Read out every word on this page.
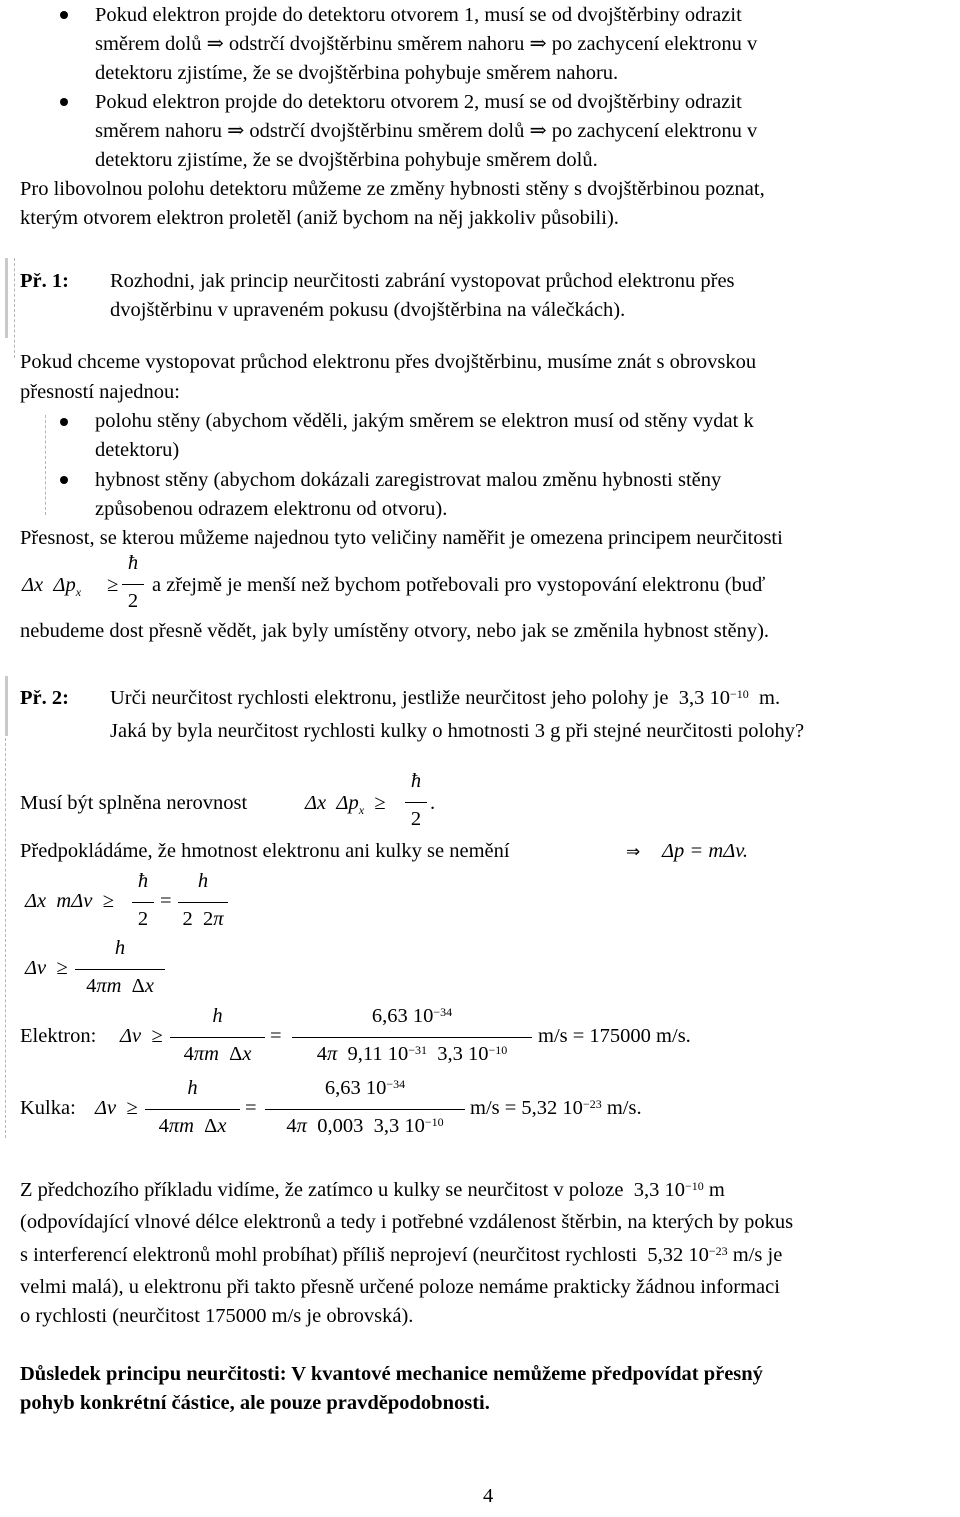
Pokud elektron projde do detektoru otvorem 1, musí se od dvojštěrbiny odrazit
směrem dolů ⇒ odstrčí dvojštěrbinu směrem nahoru ⇒ po zachycení elektronu v
detektoru zjistíme, že se dvojštěrbina pohybuje směrem nahoru.
Pokud elektron projde do detektoru otvorem 2, musí se od dvojštěrbiny odrazit
směrem nahoru ⇒ odstrčí dvojštěrbinu směrem dolů ⇒ po zachycení elektronu v
detektoru zjistíme, že se dvojštěrbina pohybuje směrem dolů.
Pro libovolnou polohu detektoru můžeme ze změny hybnosti stěny s dvojštěrbinou poznat,
kterým otvorem elektron proletěl (aniž bychom na něj jakkoliv působili).
Př. 1: Rozhodni, jak princip neurčitosti zabrání vystopovat průchod elektronu přes
dvojštěrbinu v upraveném pokusu (dvojštěrbina na válečkách).
Pokud chceme vystopovat průchod elektronu přes dvojštěrbinu, musíme znát s obrovskou
přesností najednou:
polohu stěny (abychom věděli, jakým směrem se elektron musí od stěny vydat k
detektoru)
hybnost stěny (abychom dokázali zaregistrovat malou změnu hybnosti stěny
způsobenou odrazem elektronu od otvoru).
Přesnost, se kterou můžeme najednou tyto veličiny naměřit je omezena principem neurčitosti
Δx  $\Delta p_x$ ≥
ħ
2
a zřejmě je menší než bychom potřebovali pro vystopování elektronu (buď
nebudeme dost přesně vědět, jak byly umístěny otvory, nebo jak se změnila hybnost stěny).
Př. 2: Urči neurčitost rychlosti elektronu, jestliže neurčitost jeho polohy je 3,3 $10^{-10}$ m.
Jaká by byla neurčitost rychlosti kulky o hmotnosti 3 g při stejné neurčitosti polohy?
Musí být splněna nerovnost	Δx  $\Delta p_x$  ≥
ħ
2
.
Předpokládáme, že hmotnost elektronu ani kulky se nemění	⇒ Δp = mΔv.
Δx mΔv  ≥
ħ
2
=
h
2  2π
Δv  ≥
h
4πm  Δx
Elektron: Δv  ≥
h
4πm  Δx
=
6,63 $10^{-34}$
4π  9,11 $10^{-31}$  3,3 $10^{-10}$
m/s = 175000 m/s.
Kulka: Δv  ≥
h
4πm  Δx
=
6,63 $10^{-34}$
4π  0,003  3,3 $10^{-10}$
m/s = 5,32 $10^{-23}$ m/s.
Z předchozího příkladu vidíme, že zatímco u kulky se neurčitost v poloze 3,3 $10^{-10}$ m
(odpovídající vlnové délce elektronů a tedy i potřebné vzdálenost štěrbin, na kterých by pokus
s interferencí elektronů mohl probíhat) příliš neprojeví (neurčitost rychlosti 5,32 $10^{-23}$ m/s je
velmi malá), u elektronu při takto přesně určené poloze nemáme prakticky žádnou informaci
o rychlosti (neurčitost 175000 m/s je obrovská).
Důsledek principu neurčitosti: V kvantové mechanice nemůžeme předpovídat přesný
pohyb konkrétní částice, ale pouze pravděpodobnosti.
4
